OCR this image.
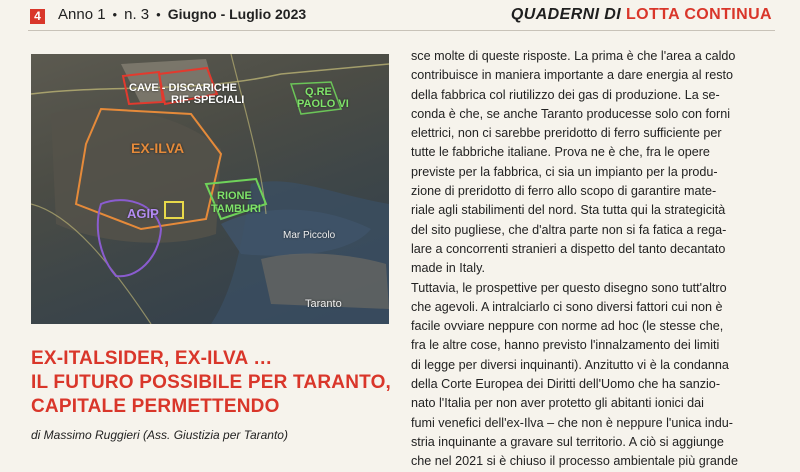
4 Anno 1 • n. 3 • Giugno - Luglio 2023	QUADERNI DI LOTTA CONTINUA
CAVE - DISCARICHE
RIF. SPECIALI
EX-ILVA
AGIP
RIONE
TAMBURI
Q.RE
PAOLO VI
Mar Piccolo
Taranto
EX-ITALSIDER, EX-ILVA …
IL FUTURO POSSIBILE PER TARANTO,
CAPITALE PERMETTENDO
di Massimo Ruggieri (Ass. Giustizia per Taranto)
sce molte di queste risposte. La prima è che l'area a caldo
contribuisce in maniera importante a dare energia al resto
della fabbrica col riutilizzo dei gas di produzione. La se-
conda è che, se anche Taranto producesse solo con forni
elettrici, non ci sarebbe preridotto di ferro sufficiente per
tutte le fabbriche italiane. Prova ne è che, fra le opere
previste per la fabbrica, ci sia un impianto per la produ-
zione di preridotto di ferro allo scopo di garantire mate-
riale agli stabilimenti del nord. Sta tutta qui la strategicità
del sito pugliese, che d'altra parte non si fa fatica a rega-
lare a concorrenti stranieri a dispetto del tanto decantato
made in Italy.
Tuttavia, le prospettive per questo disegno sono tutt'altro
che agevoli. A intralciarlo ci sono diversi fattori cui non è
facile ovviare neppure con norme ad hoc (le stesse che,
fra le altre cose, hanno previsto l'innalzamento dei limiti
di legge per diversi inquinanti). Anzitutto vi è la condanna
della Corte Europea dei Diritti dell'Uomo che ha sanzio-
nato l'Italia per non aver protetto gli abitanti ionici dai
fumi venefici dell'ex-Ilva – che non è neppure l'unica indu-
stria inquinante a gravare sul territorio. A ciò si aggiunge
che nel 2021 si è chiuso il processo ambientale più grande
